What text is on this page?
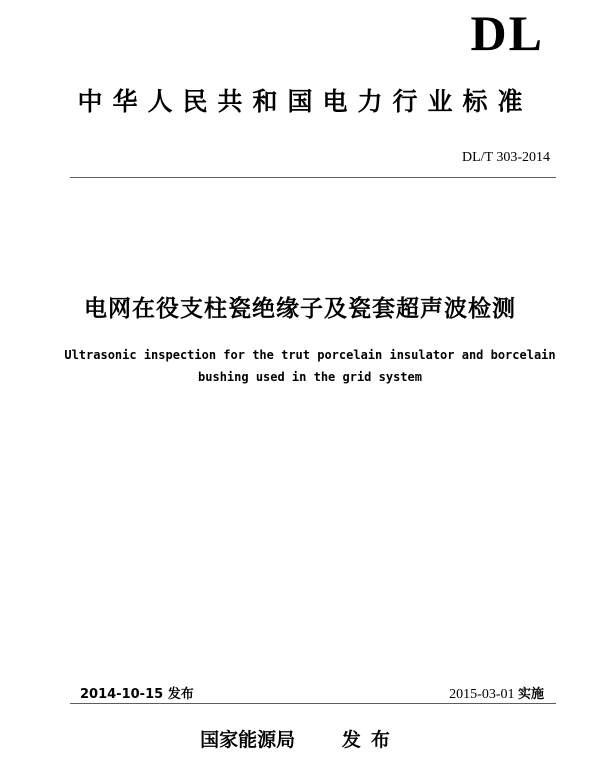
DL
中华人民共和国电力行业标准
DL/T 303-2014
电网在役支柱瓷绝缘子及瓷套超声波检测
Ultrasonic inspection for the trut porcelain insulator and borcelain bushing used in the grid system
2014-10-15 发布	2015-03-01 实施
国家能源局 发布
